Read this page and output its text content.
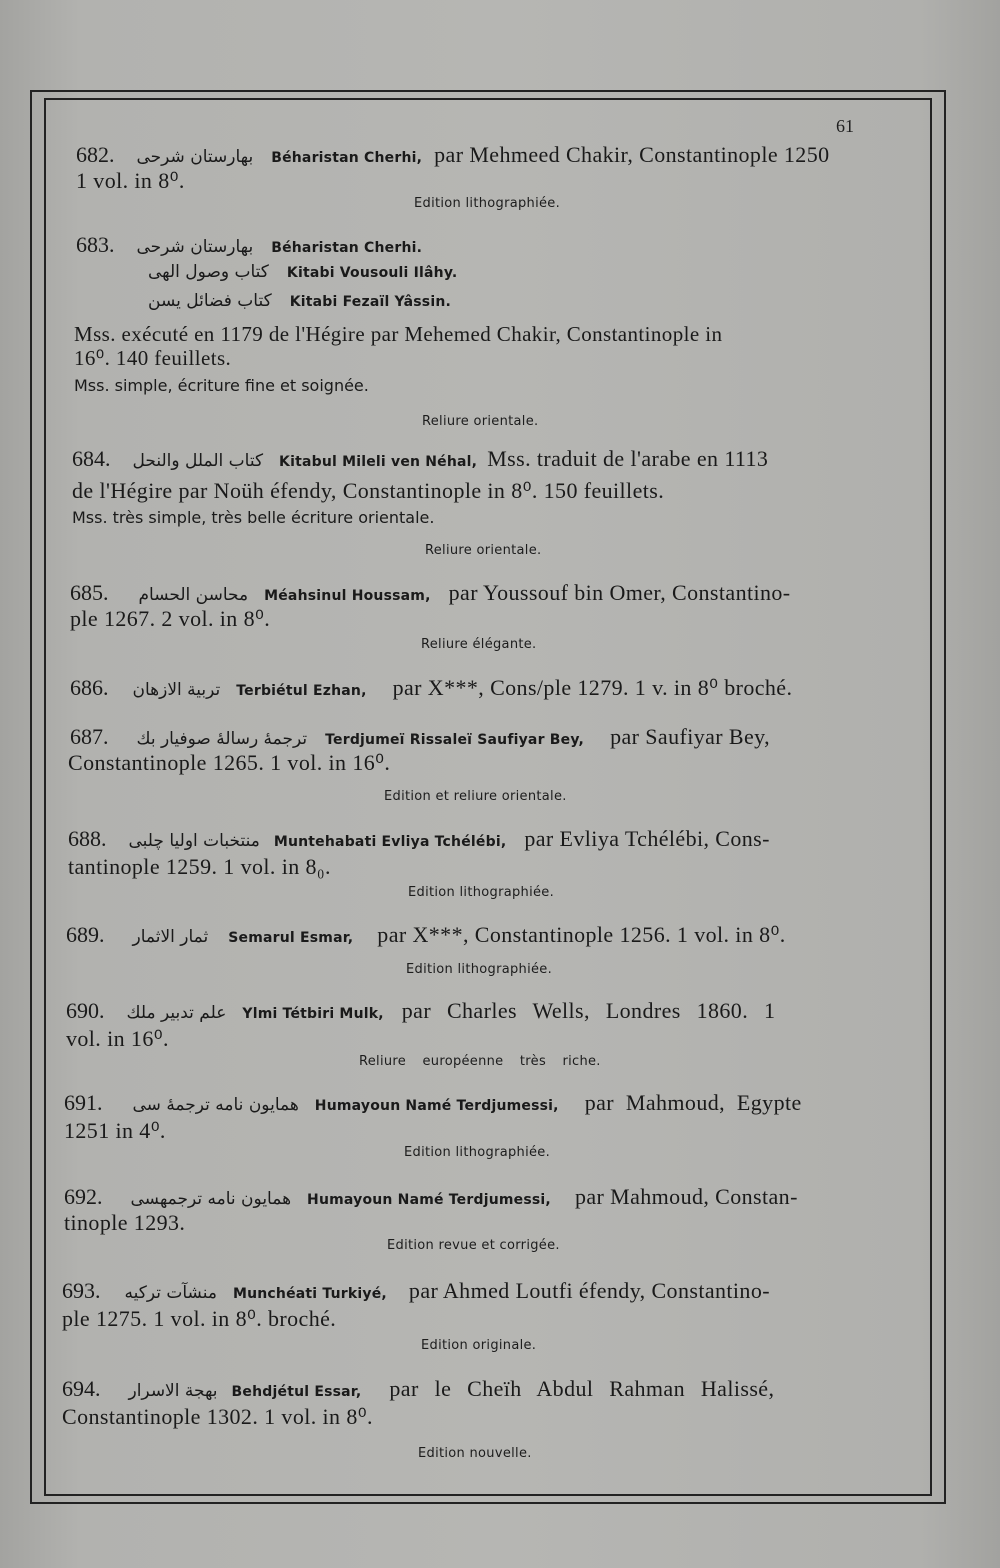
61
682. بهارستان شرحی Béharistan Cherhi, par Mehmeed Chakir, Constantinople 1250
1 vol. in 8⁰.
Edition lithographiée.
683. بهارستان شرحی Béharistan Cherhi.
كتاب وصول الهى Kitabi Vousouli Ilâhy.
كتاب فضائل يسن Kitabi Fezaïl Yâssin.
Mss. exécuté en 1179 de l'Hégire par Mehemed Chakir, Constantinople in
16⁰. 140 feuillets.
Mss. simple, écriture fine et soignée.
Reliure orientale.
684. كتاب الملل والنحل Kitabul Mileli ven Néhal, Mss. traduit de l'arabe en 1113
de l'Hégire par Noüh éfendy, Constantinople in 8⁰. 150 feuillets.
Mss. très simple, très belle écriture orientale.
Reliure orientale.
685. محاسن الحسام Méahsinul Houssam, par Youssouf bin Omer, Constantino-
ple 1267. 2 vol. in 8⁰.
Reliure élégante.
686. تربية الازهان Terbiétul Ezhan, par X***, Cons/ple 1279. 1 v. in 8⁰ broché.
687. ترجمهٔ رسالهٔ صوفيار بك Terdjumeï Rissaleï Saufiyar Bey, par Saufiyar Bey,
Constantinople 1265. 1 vol. in 16⁰.
Edition et reliure orientale.
688. منتخبات اوليا چلبى Muntehabati Evliya Tchélébi, par Evliya Tchélébi, Cons-
tantinople 1259. 1 vol. in 8₀.
Edition lithographiée.
689. ثمار الاثمار Semarul Esmar, par X***, Constantinople 1256. 1 vol. in 8⁰.
Edition lithographiée.
690. علم تدبير ملك Ylmi Tétbiri Mulk, par Charles Wells, Londres 1860. 1
vol. in 16⁰.
Reliure européenne très riche.
691. همايون نامه ترجمهٔ سى Humayoun Namé Terdjumessi, par Mahmoud, Egypte
1251 in 4⁰.
Edition lithographiée.
692. همايون نامه ترجمهسى Humayoun Namé Terdjumessi, par Mahmoud, Constan-
tinople 1293.
Edition revue et corrigée.
693. منشآت تركيه Munchéati Turkiyé, par Ahmed Loutfi éfendy, Constantino-
ple 1275. 1 vol. in 8⁰. broché.
Edition originale.
694. بهجة الاسرار Behdjétul Essar, par le Cheïh Abdul Rahman Halissé,
Constantinople 1302. 1 vol. in 8⁰.
Edition nouvelle.
